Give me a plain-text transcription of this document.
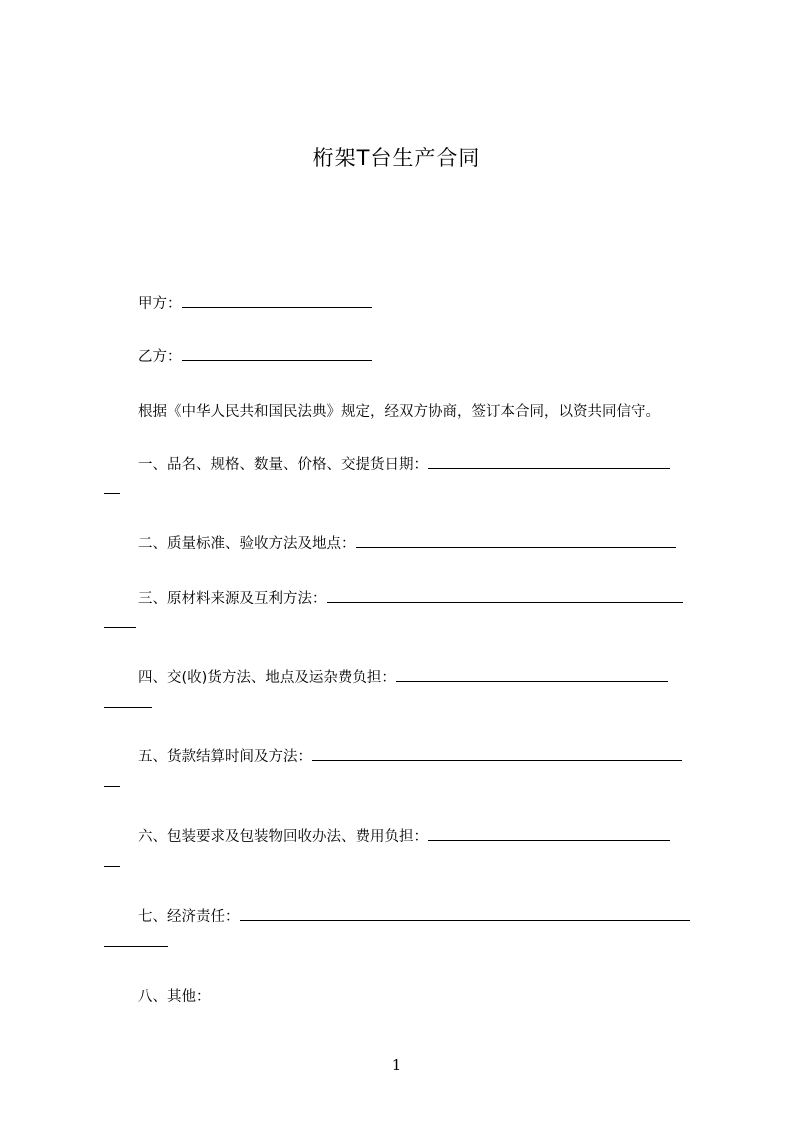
桁架T台生产合同
甲方：
乙方：
根据《中华人民共和国民法典》规定，经双方协商，签订本合同，以资共同信守。
一、品名、规格、数量、价格、交提货日期：
二、质量标准、验收方法及地点：
三、原材料来源及互利方法：
四、交(收)货方法、地点及运杂费负担：
五、货款结算时间及方法：
六、包装要求及包装物回收办法、费用负担：
七、经济责任：
八、其他：
1
